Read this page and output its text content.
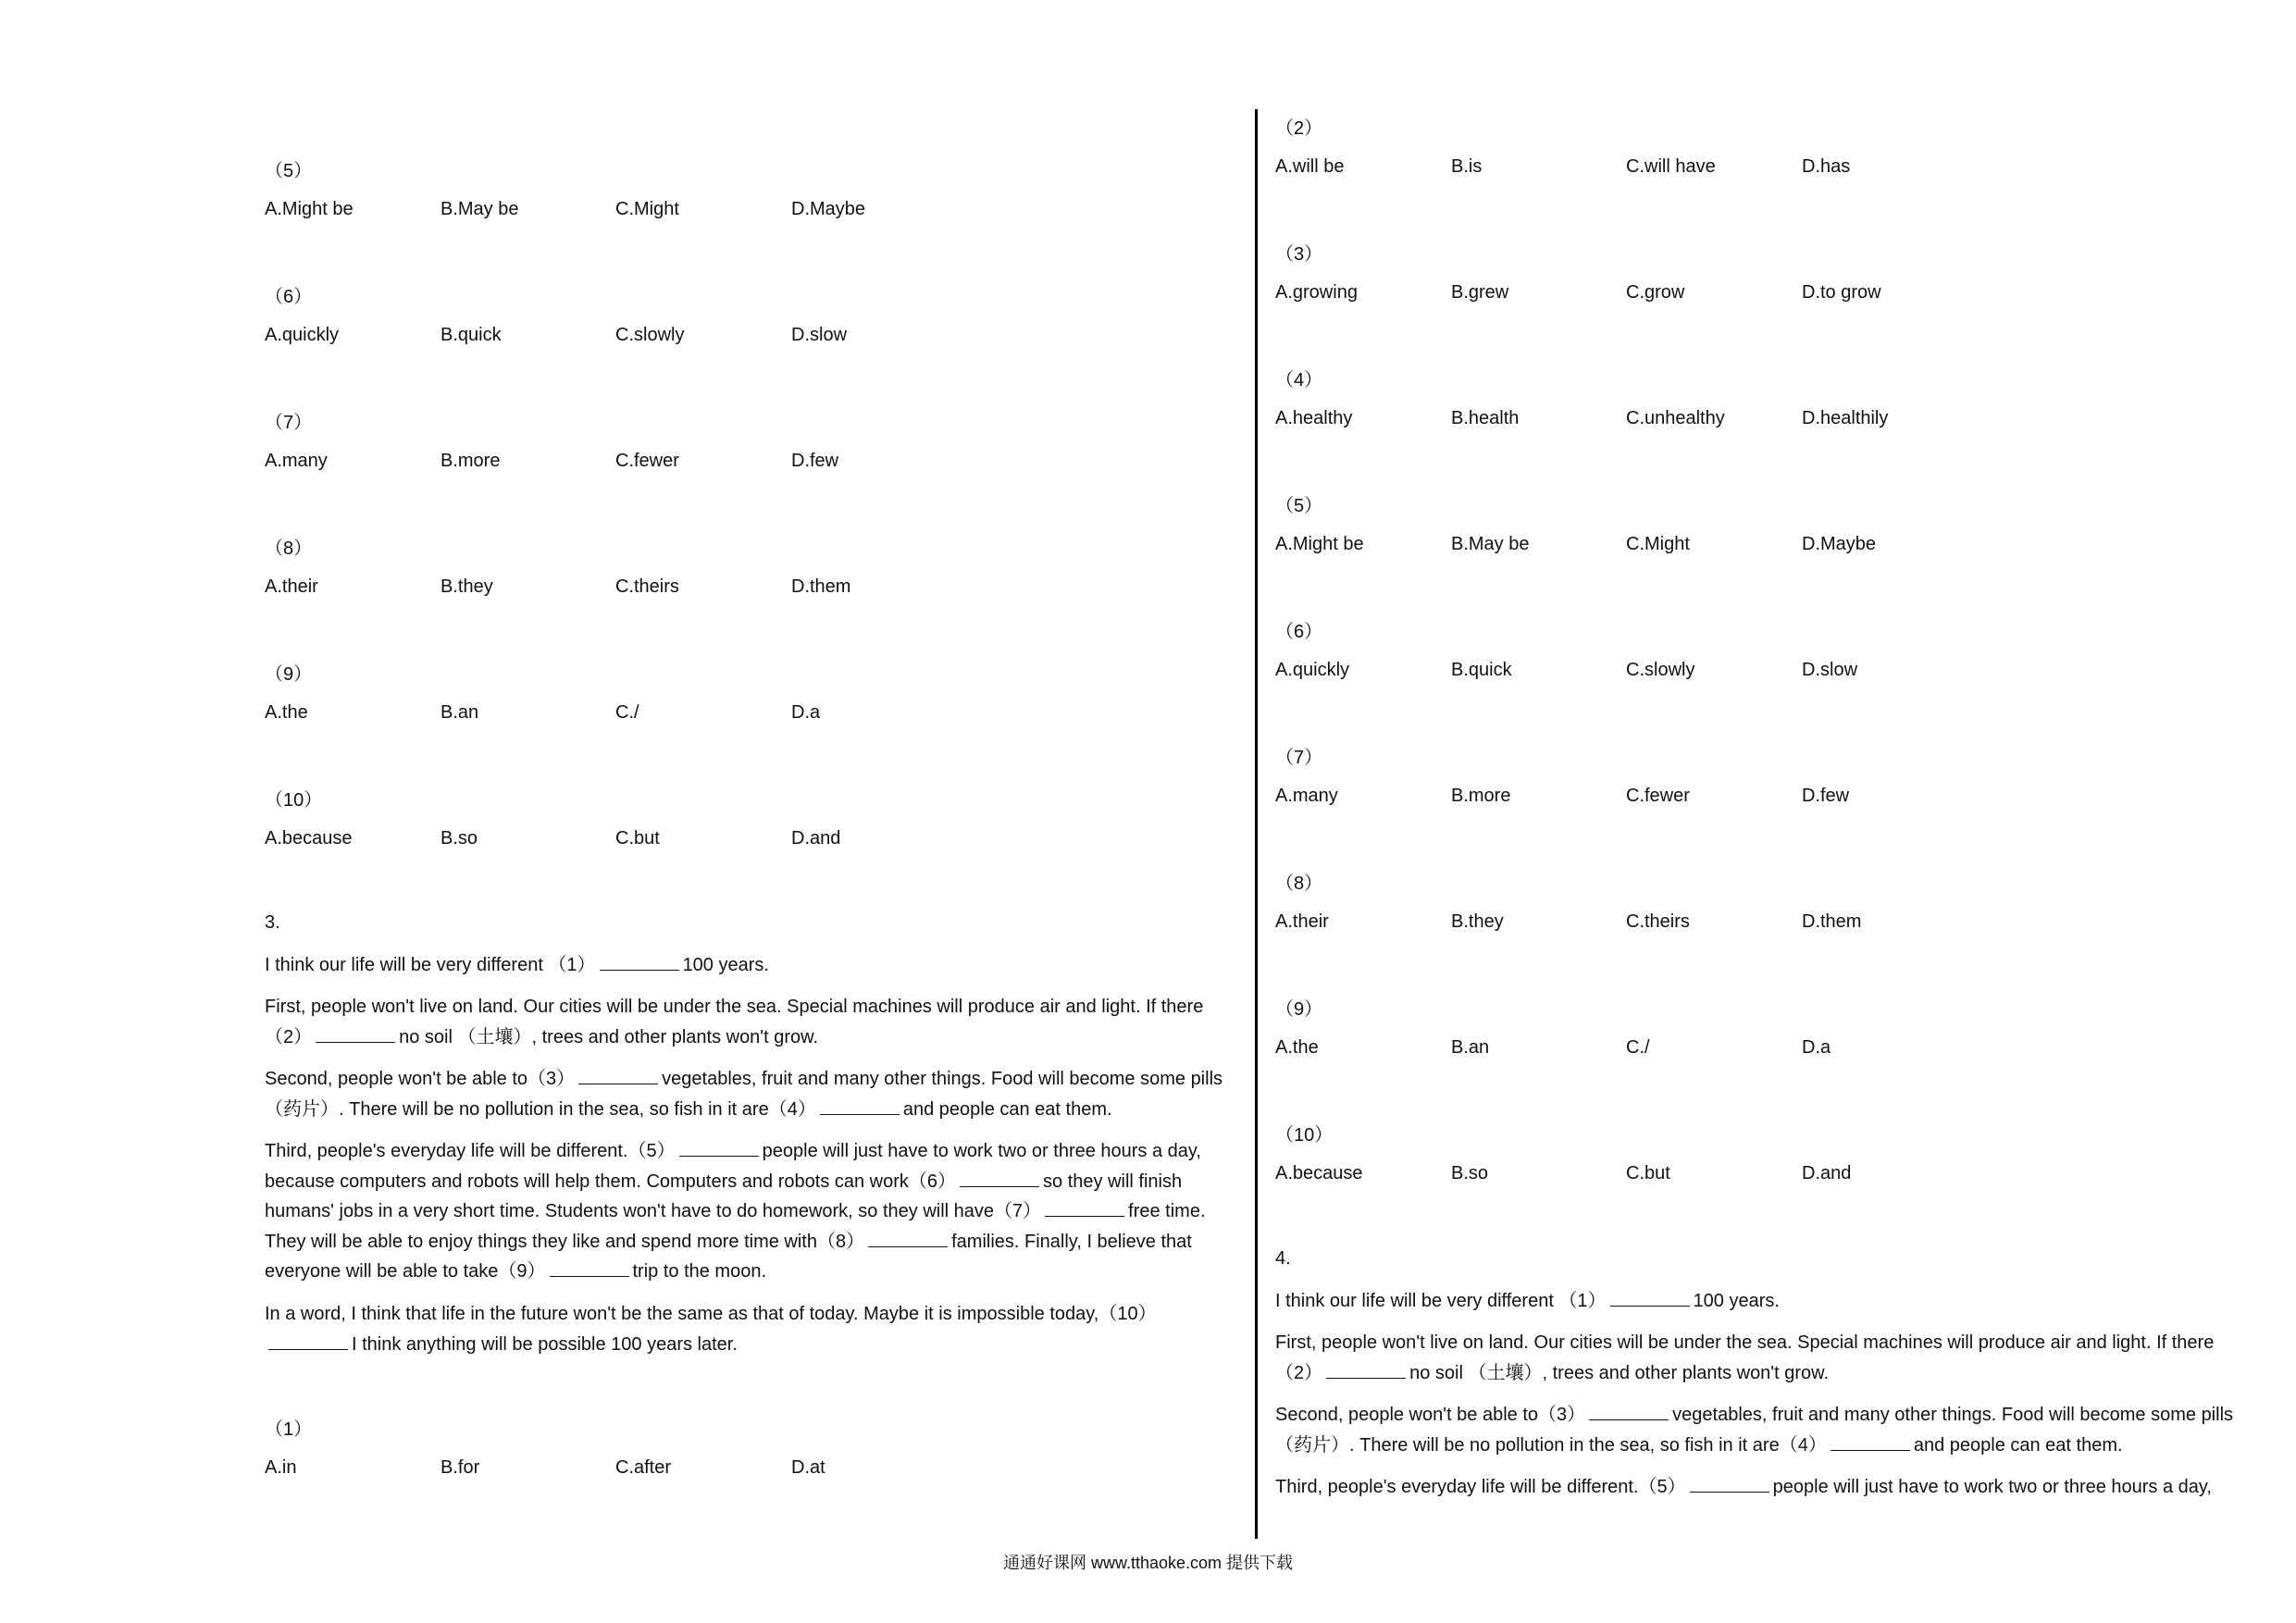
（5）
A.Might be	B.May be	C.Might	D.Maybe
（6）
A.quickly	B.quick	C.slowly	D.slow
（7）
A.many	B.more	C.fewer	D.few
（8）
A.their	B.they	C.theirs	D.them
（9）
A.the	B.an	C./	D.a
（10）
A.because	B.so	C.but	D.and
3.

I think our life will be very different （1）	100 years.

First, people won't live on land. Our cities will be under the sea. Special machines will produce air and light. If there （2）	no soil （土壤）, trees and other plants won't grow.

Second, people won't be able to（3）	vegetables, fruit and many other things. Food will become some pills （药片）. There will be no pollution in the sea, so fish in it are（4）	and people can eat them.

Third, people's everyday life will be different.（5）	people will just have to work two or three hours a day, because computers and robots will help them. Computers and robots can work（6）	so they will finish humans' jobs in a very short time. Students won't have to do homework, so they will have（7）	free time. They will be able to enjoy things they like and spend more time with（8）	families. Finally, I believe that everyone will be able to take（9）	trip to the moon.

In a word, I think that life in the future won't be the same as that of today. Maybe it is impossible today,（10）I think anything will be possible 100 years later.

（1）
A.in	B.for	C.after	D.at
（2）
A.will be	B.is	C.will have	D.has
（3）
A.growing	B.grew	C.grow	D.to grow
（4）
A.healthy	B.health	C.unhealthy	D.healthily
（5）
A.Might be	B.May be	C.Might	D.Maybe
（6）
A.quickly	B.quick	C.slowly	D.slow
（7）
A.many	B.more	C.fewer	D.few
（8）
A.their	B.they	C.theirs	D.them
（9）
A.the	B.an	C./	D.a
（10）
A.because	B.so	C.but	D.and
4.

I think our life will be very different （1）	100 years.

First, people won't live on land. Our cities will be under the sea. Special machines will produce air and light. If there （2）	no soil （土壤）, trees and other plants won't grow.

Second, people won't be able to（3）	vegetables, fruit and many other things. Food will become some pills （药片）. There will be no pollution in the sea, so fish in it are（4）	and people can eat them.

Third, people's everyday life will be different.（5）	people will just have to work two or three hours a day,

通通好课网 www.tthaoke.com 提供下载
